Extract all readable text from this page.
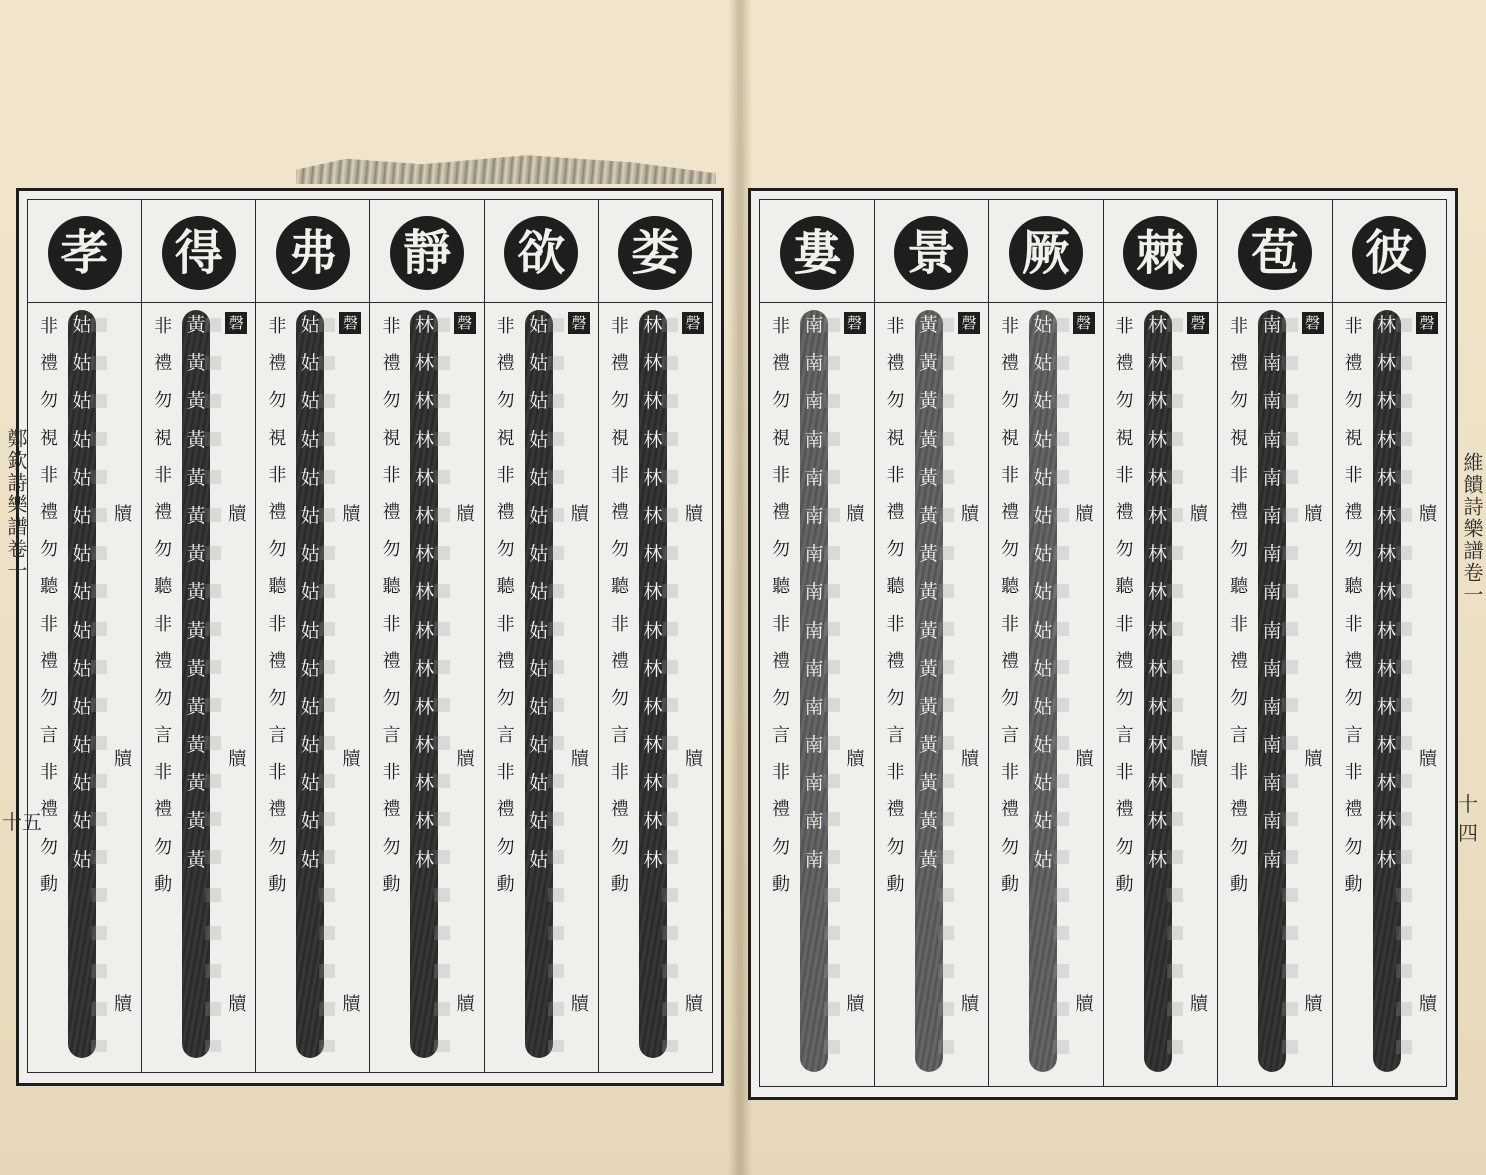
娄
磬
林
林
林
林
林
林
林
林
林
林
林
林
林
林
林
非
禮
勿
視
非
禮
勿
聽
非
禮
勿
言
非
禮
勿
動
牘
牘
牘
欲
磬
姑
姑
姑
姑
姑
姑
姑
姑
姑
姑
姑
姑
姑
姑
姑
非
禮
勿
視
非
禮
勿
聽
非
禮
勿
言
非
禮
勿
動
牘
牘
牘
靜
磬
林
林
林
林
林
林
林
林
林
林
林
林
林
林
林
非
禮
勿
視
非
禮
勿
聽
非
禮
勿
言
非
禮
勿
動
牘
牘
牘
弗
磬
姑
姑
姑
姑
姑
姑
姑
姑
姑
姑
姑
姑
姑
姑
姑
非
禮
勿
視
非
禮
勿
聽
非
禮
勿
言
非
禮
勿
動
牘
牘
牘
得
磬
黃
黃
黃
黃
黃
黃
黃
黃
黃
黃
黃
黃
黃
黃
黃
非
禮
勿
視
非
禮
勿
聽
非
禮
勿
言
非
禮
勿
動
牘
牘
牘
孝
姑
姑
姑
姑
姑
姑
姑
姑
姑
姑
姑
姑
姑
姑
姑
非
禮
勿
視
非
禮
勿
聽
非
禮
勿
言
非
禮
勿
動
牘
牘
牘
彼
磬
林
林
林
林
林
林
林
林
林
林
林
林
林
林
林
非
禮
勿
視
非
禮
勿
聽
非
禮
勿
言
非
禮
勿
動
牘
牘
牘
苞
磬
南
南
南
南
南
南
南
南
南
南
南
南
南
南
南
非
禮
勿
視
非
禮
勿
聽
非
禮
勿
言
非
禮
勿
動
牘
牘
牘
棘
磬
林
林
林
林
林
林
林
林
林
林
林
林
林
林
林
非
禮
勿
視
非
禮
勿
聽
非
禮
勿
言
非
禮
勿
動
牘
牘
牘
厥
磬
姑
姑
姑
姑
姑
姑
姑
姑
姑
姑
姑
姑
姑
姑
姑
非
禮
勿
視
非
禮
勿
聽
非
禮
勿
言
非
禮
勿
動
牘
牘
牘
景
磬
黃
黃
黃
黃
黃
黃
黃
黃
黃
黃
黃
黃
黃
黃
黃
非
禮
勿
視
非
禮
勿
聽
非
禮
勿
言
非
禮
勿
動
牘
牘
牘
婁
磬
南
南
南
南
南
南
南
南
南
南
南
南
南
南
南
非
禮
勿
視
非
禮
勿
聽
非
禮
勿
言
非
禮
勿
動
牘
牘
牘
鄭欽詩樂譜卷一
十五
維饋詩樂譜卷一
十四
